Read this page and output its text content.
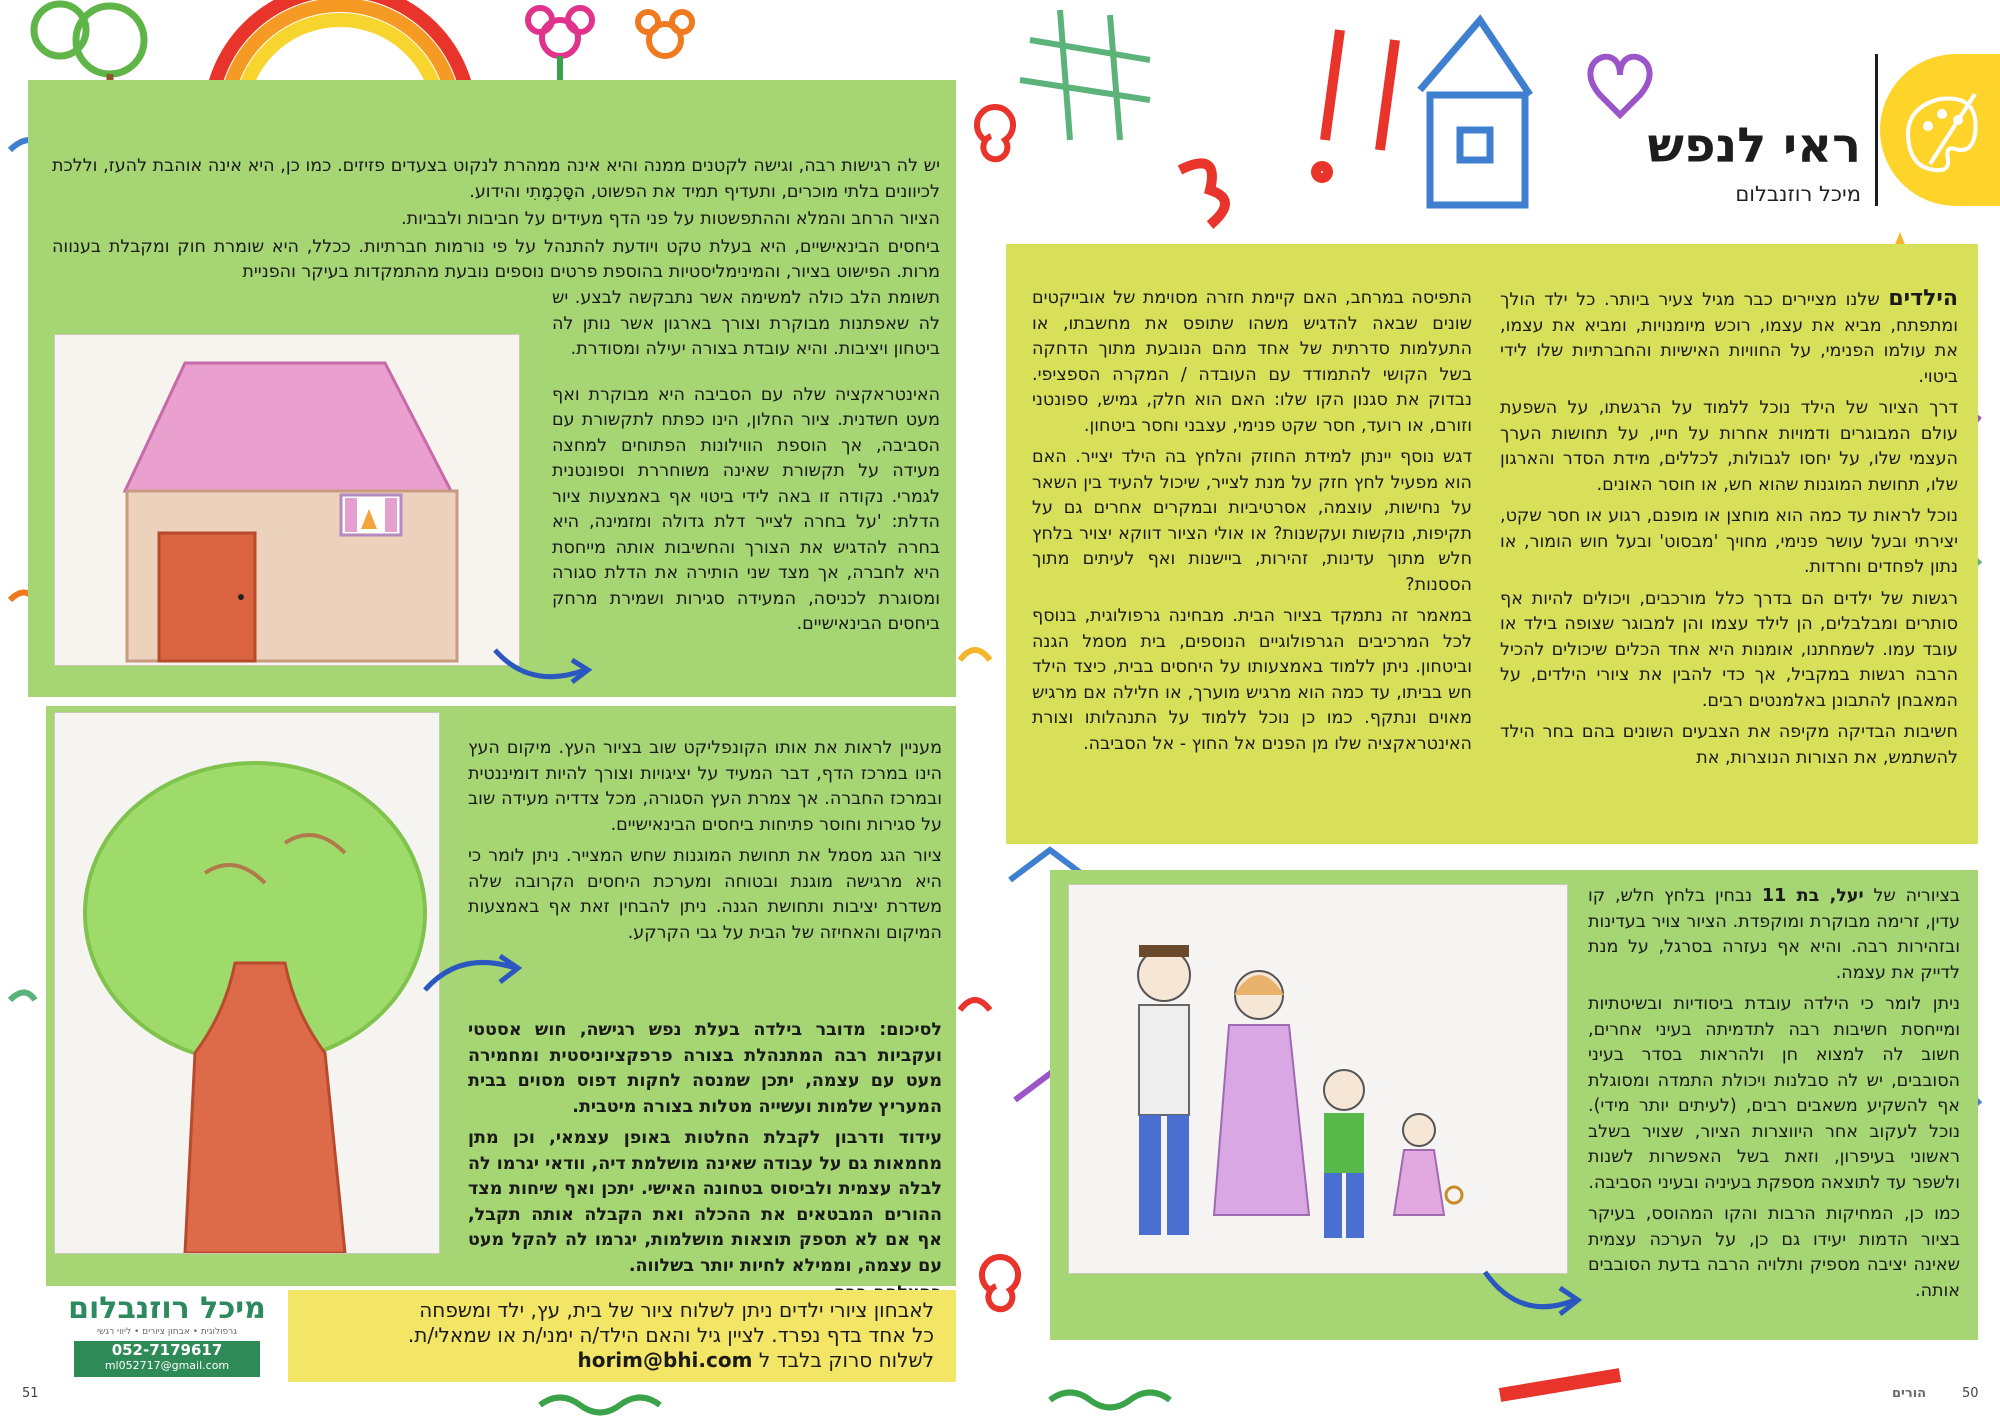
יש לה רגישות רבה, וגישה לקטנים ממנה והיא אינה ממהרת לנקוט בצעדים פזיזים. כמו כן, היא אינה אוהבת להעז, וללכת לכיוונים בלתי מוכרים, ותעדיף תמיד את הפשוט, הסָּכְמָתִי והידוע.

הציור הרחב והמלא וההתפשטות על פני הדף מעידים על חביבות ולבביות.

ביחסים הבינאישיים, היא בעלת טקט ויודעת להתנהל על פי נורמות חברתיות. ככלל, היא שומרת חוק ומקבלת בענווה מרות. הפישוט בציור, והמינימליסטיות בהוספת פרטים נוספים נובעת מהתמקדות בעיקר והפניית

תשומת הלב כולה למשימה אשר נתבקשה לבצע. יש לה שאפתנות מבוקרת וצורך בארגון אשר נותן לה ביטחון ויציבות. והיא עובדת בצורה יעילה ומסודרת.

האינטראקציה שלה עם הסביבה היא מבוקרת ואף מעט חשדנית. ציור החלון, הינו כפתח לתקשורת עם הסביבה, אך הוספת הווילונות הפתוחים למחצה מעידה על תקשורת שאינה משוחררת וספונטנית לגמרי. נקודה זו באה לידי ביטוי אף באמצעות ציור הדלת: 'על בחרה לצייר דלת גדולה ומזמינה, היא בחרה להדגיש את הצורך והחשיבות אותה מייחסת היא לחברה, אך מצד שני הותירה את הדלת סגורה ומסוגרת לכניסה, המעידה סגירות ושמירת מרחק ביחסים הבינאישיים.

מעניין לראות את אותו הקונפליקט שוב בציור העץ. מיקום העץ הינו במרכז הדף, דבר המעיד על יציגויות וצורך להיות דומיננטית ובמרכז החברה. אך צמרת העץ הסגורה, מכל צדדיה מעידה שוב על סגירות וחוסר פתיחות ביחסים הבינאישיים.

ציור הגג מסמל את תחושת המוגנות שחש המצייר. ניתן לומר כי היא מרגישה מוגנת ובטוחה ומערכת היחסים הקרובה שלה משדרת יציבות ותחושת הגנה. ניתן להבחין זאת אף באמצעות המיקום והאחיזה של הבית על גבי הקרקע.

לסיכום: מדובר בילדה בעלת נפש רגישה, חוש אסטטי ועקביות רבה המתנהלת בצורה פרפקציוניסטית ומחמירה מעט עם עצמה, יתכן שמנסה לחקות דפוס מסוים בבית המעריץ שלמות ועשייה מטלות בצורה מיטבית.

עידוד ודרבון לקבלת החלטות באופן עצמאי, וכן מתן מחמאות גם על עבודה שאינה מושלמת דיה, וודאי יגרמו לה לבלה עצמית ולביסוס בטחונה האישי. יתכן ואף שיחות מצד ההורים המבטאים את ההכלה ואת הקבלה אותה תקבל, אף אם לא תספק תוצאות מושלמות, יגרמו לה להקל מעט עם עצמה, וממילא לחיות יותר בשלווה.

מיכל רוזנבלום
גרפולוגית • אבחון ציורים • ליווי רגשי
052-7179617
ml052717@gmail.com
לאבחון ציורי ילדים ניתן לשלוח ציור של בית, עץ, ילד ומשפחה
כל אחד בדף נפרד. לציין גיל והאם הילד/ה ימני/ת או שמאלי/ת.
לשלוח סרוק בלבד ל horim@bhi.com
ראי לנפש
מיכל רוזנבלום

הילדים שלנו מציירים כבר מגיל צעיר ביותר. כל ילד הולך ומתפתח, מביא את עצמו, רוכש מיומנויות, ומביא את עצמו, את עולמו הפנימי, על החוויות האישיות והחברתיות שלו לידי ביטוי.

דרך הציור של הילד נוכל ללמוד על הרגשתו, על השפעת עולם המבוגרים ודמויות אחרות על חייו, על תחושות הערך העצמי שלו, על יחסו לגבולות, לכללים, מידת הסדר והארגון שלו, תחושת המוגנות שהוא חש, או חוסר האונים.

נוכל לראות עד כמה הוא מוחצן או מופנם, רגוע או חסר שקט, יצירתי ובעל עושר פנימי, מחויך 'מבסוט' ובעל חוש הומור, או נתון לפחדים וחרדות.

רגשות של ילדים הם בדרך כלל מורכבים, ויכולים להיות אף סותרים ומבלבלים, הן לילד עצמו והן למבוגר שצופה בילד או עובד עמו. לשמחתנו, אומנות היא אחד הכלים שיכולים להכיל הרבה רגשות במקביל, אך כדי להבין את ציורי הילדים, על המאבחן להתבונן באלמנטים רבים.

חשיבות הבדיקה מקיפה את הצבעים השונים בהם בחר הילד להשתמש, את הצורות הנוצרות, את

התפיסה במרחב, האם קיימת חזרה מסוימת של אובייקטים שונים שבאה להדגיש משהו שתופס את מחשבתו, או התעלמות סדרתית של אחד מהם הנובעת מתוך הדחקה בשל הקושי להתמודד עם העובדה / המקרה הספציפי. נבדוק את סגנון הקו שלו: האם הוא חלק, גמיש, ספונטני וזורם, או רועד, חסר שקט פנימי, עצבני וחסר ביטחון.

דגש נוסף יינתן למידת החוזק והלחץ בה הילד יצייר. האם הוא מפעיל לחץ חזק על מנת לצייר, שיכול להעיד בין השאר על נחישות, עוצמה, אסרטיביות ובמקרים אחרים גם על תקיפות, נוקשות ועקשנות? או אולי הציור דווקא יצויר בלחץ חלש מתוך עדינות, זהירות, ביישנות ואף לעיתים מתוך הססנות?

במאמר זה נתמקד בציור הבית. מבחינה גרפולוגית, בנוסף לכל המרכיבים הגרפולוגיים הנוספים, בית מסמל הגנה וביטחון. ניתן ללמוד באמצעותו על היחסים בבית, כיצד הילד חש בביתו, עד כמה הוא מרגיש מוערך, או חלילה אם מרגיש מאוים ונתקף. כמו כן נוכל ללמוד על התנהלותו וצורת האינטראקציה שלו מן הפנים אל החוץ - אל הסביבה.

בציוריה של יעל, בת 11 נבחין בלחץ חלש, קו עדין, זרימה מבוקרת ומוקפדת. הציור צויר בעדינות ובזהירות רבה. והיא אף נעזרה בסרגל, על מנת לדייק את עצמה.

ניתן לומר כי הילדה עובדת ביסודיות ובשיטתיות ומייחסת חשיבות רבה לתדמיתה בעיני אחרים, חשוב לה למצוא חן ולהראות בסדר בעיני הסובבים, יש לה סבלנות ויכולת התמדה ומסוגלת אף להשקיע משאבים רבים, (לעיתים יותר מידי). נוכל לעקוב אחר היווצרות הציור, שצויר בשלב ראשוני בעיפרון, וזאת בשל האפשרות לשנות ולשפר עד לתוצאה מספקת בעיניה ובעיני הסביבה.

כמו כן, המחיקות הרבות והקו המהוסס, בעיקר בציור הדמות יעידו גם כן, על הערכה עצמית שאינה יציבה מספיק ותלויה הרבה בדעת הסובבים אותה.

51	50
הורים
